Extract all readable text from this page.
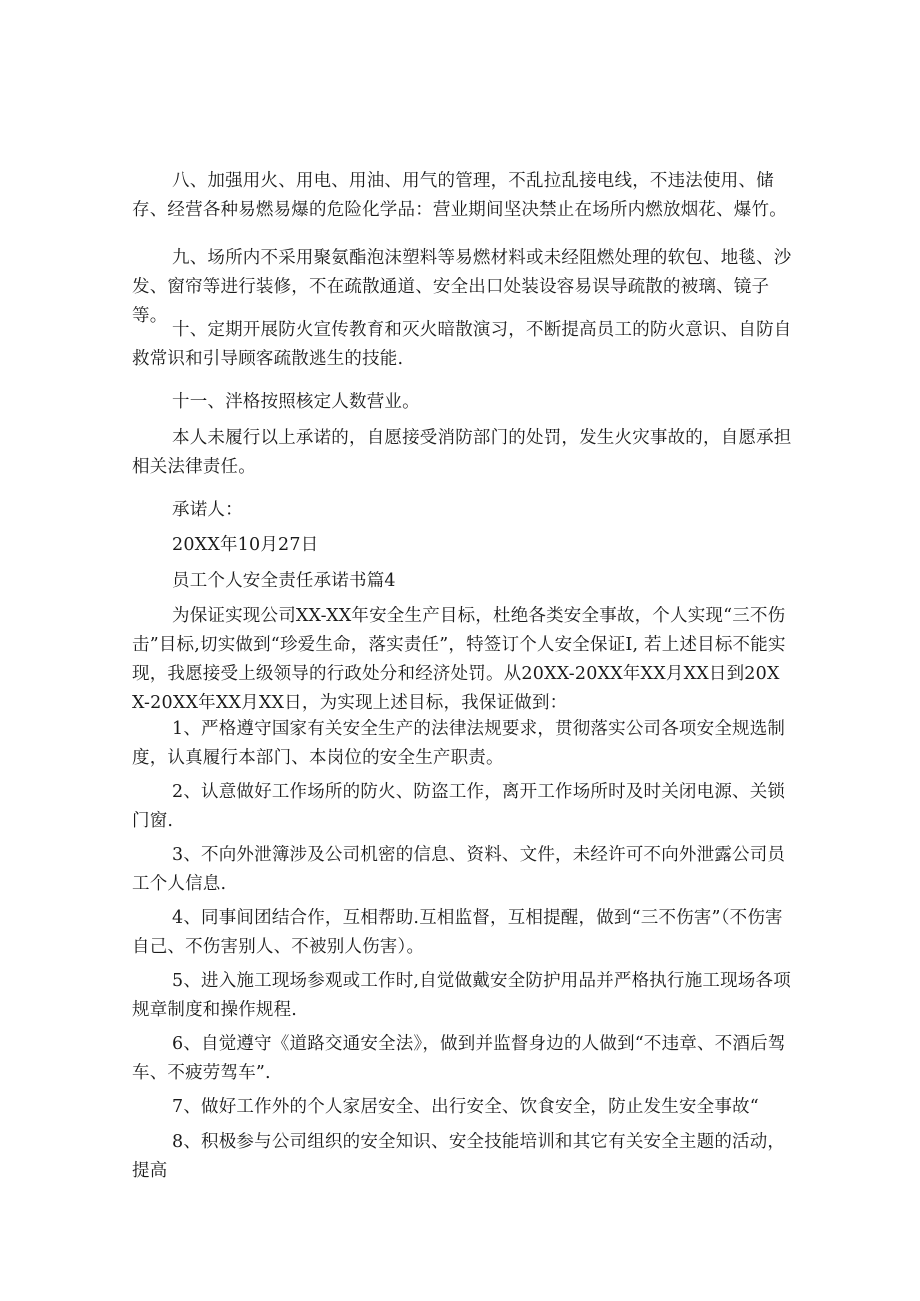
八、加强用火、用电、用油、用气的管理，不乱拉乱接电线，不违法使用、储存、经营各种易燃易爆的危险化学品：营业期间坚决禁止在场所内燃放烟花、爆竹。

九、场所内不采用聚氨酯泡沫塑料等易燃材料或未经阻燃处理的软包、地毯、沙发、窗帘等进行装修，不在疏散通道、安全出口处装设容易误导疏散的被璃、镜子等。

十、定期开展防火宣传教育和灭火暗散演习，不断提高员工的防火意识、自防自救常识和引导顾客疏散逃生的技能.

十一、泮格按照核定人数营业。

本人未履行以上承诺的，自愿接受消防部门的处罚，发生火灾事故的，自愿承担相关法律责任。

承诺人：

20XX年10月27日

员工个人安全责任承诺书篇4

为保证实现公司XX-XX年安全生产目标，杜绝各类安全事故，个人实现“三不伤击”目标,切实做到“珍爱生命，落实责任”，特签订个人安全保证I, 若上述目标不能实现，我愿接受上级领导的行政处分和经济处罚。从20XX-20XX年XX月XX日到20XX-20XX年XX月XX日，为实现上述目标，我保证做到：

1、严格遵守国家有关安全生产的法律法规要求，贯彻落实公司各项安全规选制度，认真履行本部门、本岗位的安全生产职责。

2、认意做好工作场所的防火、防盗工作，离开工作场所时及时关闭电源、关锁门窗.

3、不向外泄簿涉及公司机密的信息、资料、文件，未经许可不向外泄露公司员工个人信息.

4、同事间团结合作，互相帮助.互相监督，互相提醒，做到“三不伤害”（不伤害自己、不伤害别人、不被别人伤害）。

5、进入施工现场参观或工作时,自觉做戴安全防护用品并严格执行施工现场各项规章制度和操作规程.

6、自觉遵守《道路交通安全法》，做到并监督身边的人做到“不违章、不酒后驾车、不疲劳驾车”.

7、做好工作外的个人家居安全、出行安全、饮食安全，防止发生安全事故“

8、积极参与公司组织的安全知识、安全技能培训和其它有关安全主题的活动，提高
